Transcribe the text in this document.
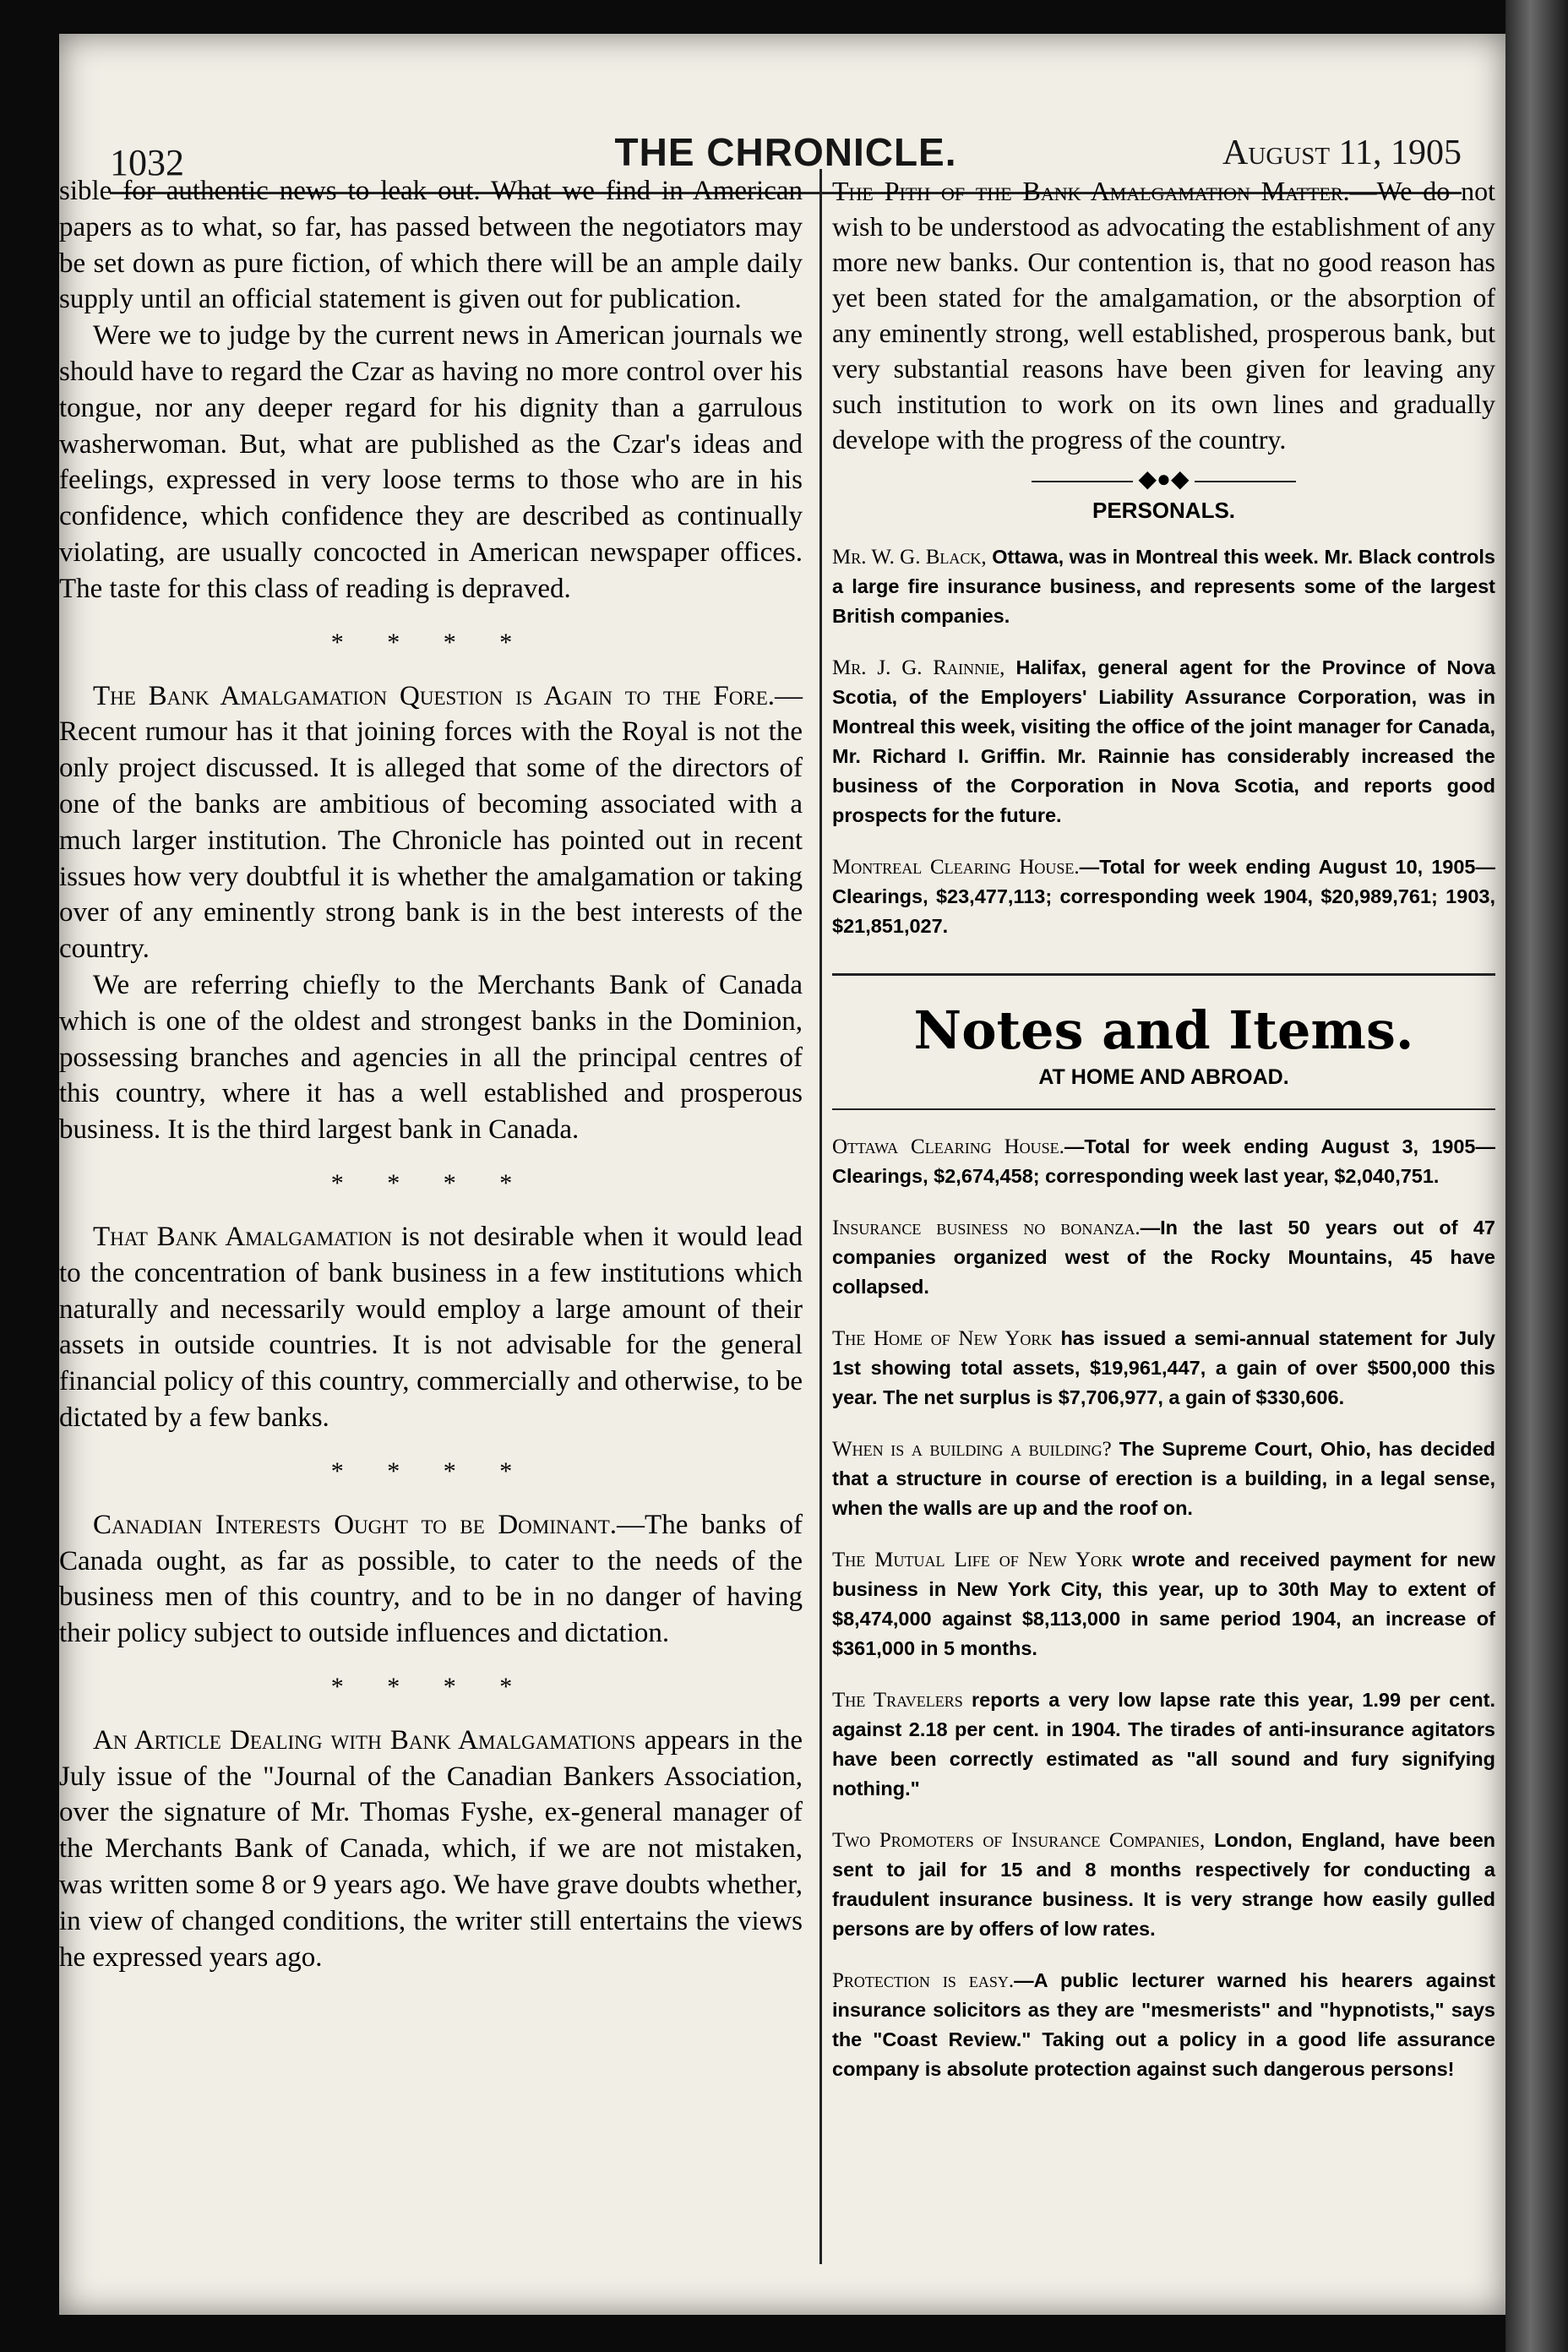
1032	THE CHRONICLE.	August 11, 1905

sible for authentic news to leak out. What we find in American papers as to what, so far, has passed between the negotiators may be set down as pure fiction, of which there will be an ample daily supply until an official statement is given out for publication.

Were we to judge by the current news in American journals we should have to regard the Czar as having no more control over his tongue, nor any deeper regard for his dignity than a garrulous washerwoman. But, what are published as the Czar's ideas and feelings, expressed in very loose terms to those who are in his confidence, which confidence they are described as continually violating, are usually concocted in American newspaper offices. The taste for this class of reading is depraved.

* * * *

The Bank Amalgamation Question is Again to the Fore.—Recent rumour has it that joining forces with the Royal is not the only project discussed. It is alleged that some of the directors of one of the banks are ambitious of becoming associated with a much larger institution. The Chronicle has pointed out in recent issues how very doubtful it is whether the amalgamation or taking over of any eminently strong bank is in the best interests of the country.

We are referring chiefly to the Merchants Bank of Canada which is one of the oldest and strongest banks in the Dominion, possessing branches and agencies in all the principal centres of this country, where it has a well established and prosperous business. It is the third largest bank in Canada.

* * * *

That Bank Amalgamation is not desirable when it would lead to the concentration of bank business in a few institutions which naturally and necessarily would employ a large amount of their assets in outside countries. It is not advisable for the general financial policy of this country, commercially and otherwise, to be dictated by a few banks.

* * * *

Canadian Interests Ought to be Dominant.—The banks of Canada ought, as far as possible, to cater to the needs of the business men of this country, and to be in no danger of having their policy subject to outside influences and dictation.

* * * *

An Article Dealing with Bank Amalgamations appears in the July issue of the "Journal of the Canadian Bankers Association, over the signature of Mr. Thomas Fyshe, ex-general manager of the Merchants Bank of Canada, which, if we are not mistaken, was written some 8 or 9 years ago. We have grave doubts whether, in view of changed conditions, the writer still entertains the views he expressed years ago.

The Pith of the Bank Amalgamation Matter.—We do not wish to be understood as advocating the establishment of any more new banks. Our contention is, that no good reason has yet been stated for the amalgamation, or the absorption of any eminently strong, well established, prosperous bank, but very substantial reasons have been given for leaving any such institution to work on its own lines and gradually develope with the progress of the country.

◆●◆
PERSONALS.

Mr. W. G. Black, Ottawa, was in Montreal this week. Mr. Black controls a large fire insurance business, and represents some of the largest British companies.

Mr. J. G. Rainnie, Halifax, general agent for the Province of Nova Scotia, of the Employers' Liability Assurance Corporation, was in Montreal this week, visiting the office of the joint manager for Canada, Mr. Richard I. Griffin. Mr. Rainnie has considerably increased the business of the Corporation in Nova Scotia, and reports good prospects for the future.

Montreal Clearing House.—Total for week ending August 10, 1905—Clearings, $23,477,113; corresponding week 1904, $20,989,761; 1903, $21,851,027.

Notes and Items.
AT HOME AND ABROAD.

Ottawa Clearing House.—Total for week ending August 3, 1905—Clearings, $2,674,458; corresponding week last year, $2,040,751.

Insurance business no bonanza.—In the last 50 years out of 47 companies organized west of the Rocky Mountains, 45 have collapsed.

The Home of New York has issued a semi-annual statement for July 1st showing total assets, $19,961,447, a gain of over $500,000 this year. The net surplus is $7,706,977, a gain of $330,606.

When is a building a building? The Supreme Court, Ohio, has decided that a structure in course of erection is a building, in a legal sense, when the walls are up and the roof on.

The Mutual Life of New York wrote and received payment for new business in New York City, this year, up to 30th May to extent of $8,474,000 against $8,113,000 in same period 1904, an increase of $361,000 in 5 months.

The Travelers reports a very low lapse rate this year, 1.99 per cent. against 2.18 per cent. in 1904. The tirades of anti-insurance agitators have been correctly estimated as "all sound and fury signifying nothing."

Two Promoters of Insurance Companies, London, England, have been sent to jail for 15 and 8 months respectively for conducting a fraudulent insurance business. It is very strange how easily gulled persons are by offers of low rates.

Protection is easy.—A public lecturer warned his hearers against insurance solicitors as they are "mesmerists" and "hypnotists," says the "Coast Review." Taking out a policy in a good life assurance company is absolute protection against such dangerous persons!
